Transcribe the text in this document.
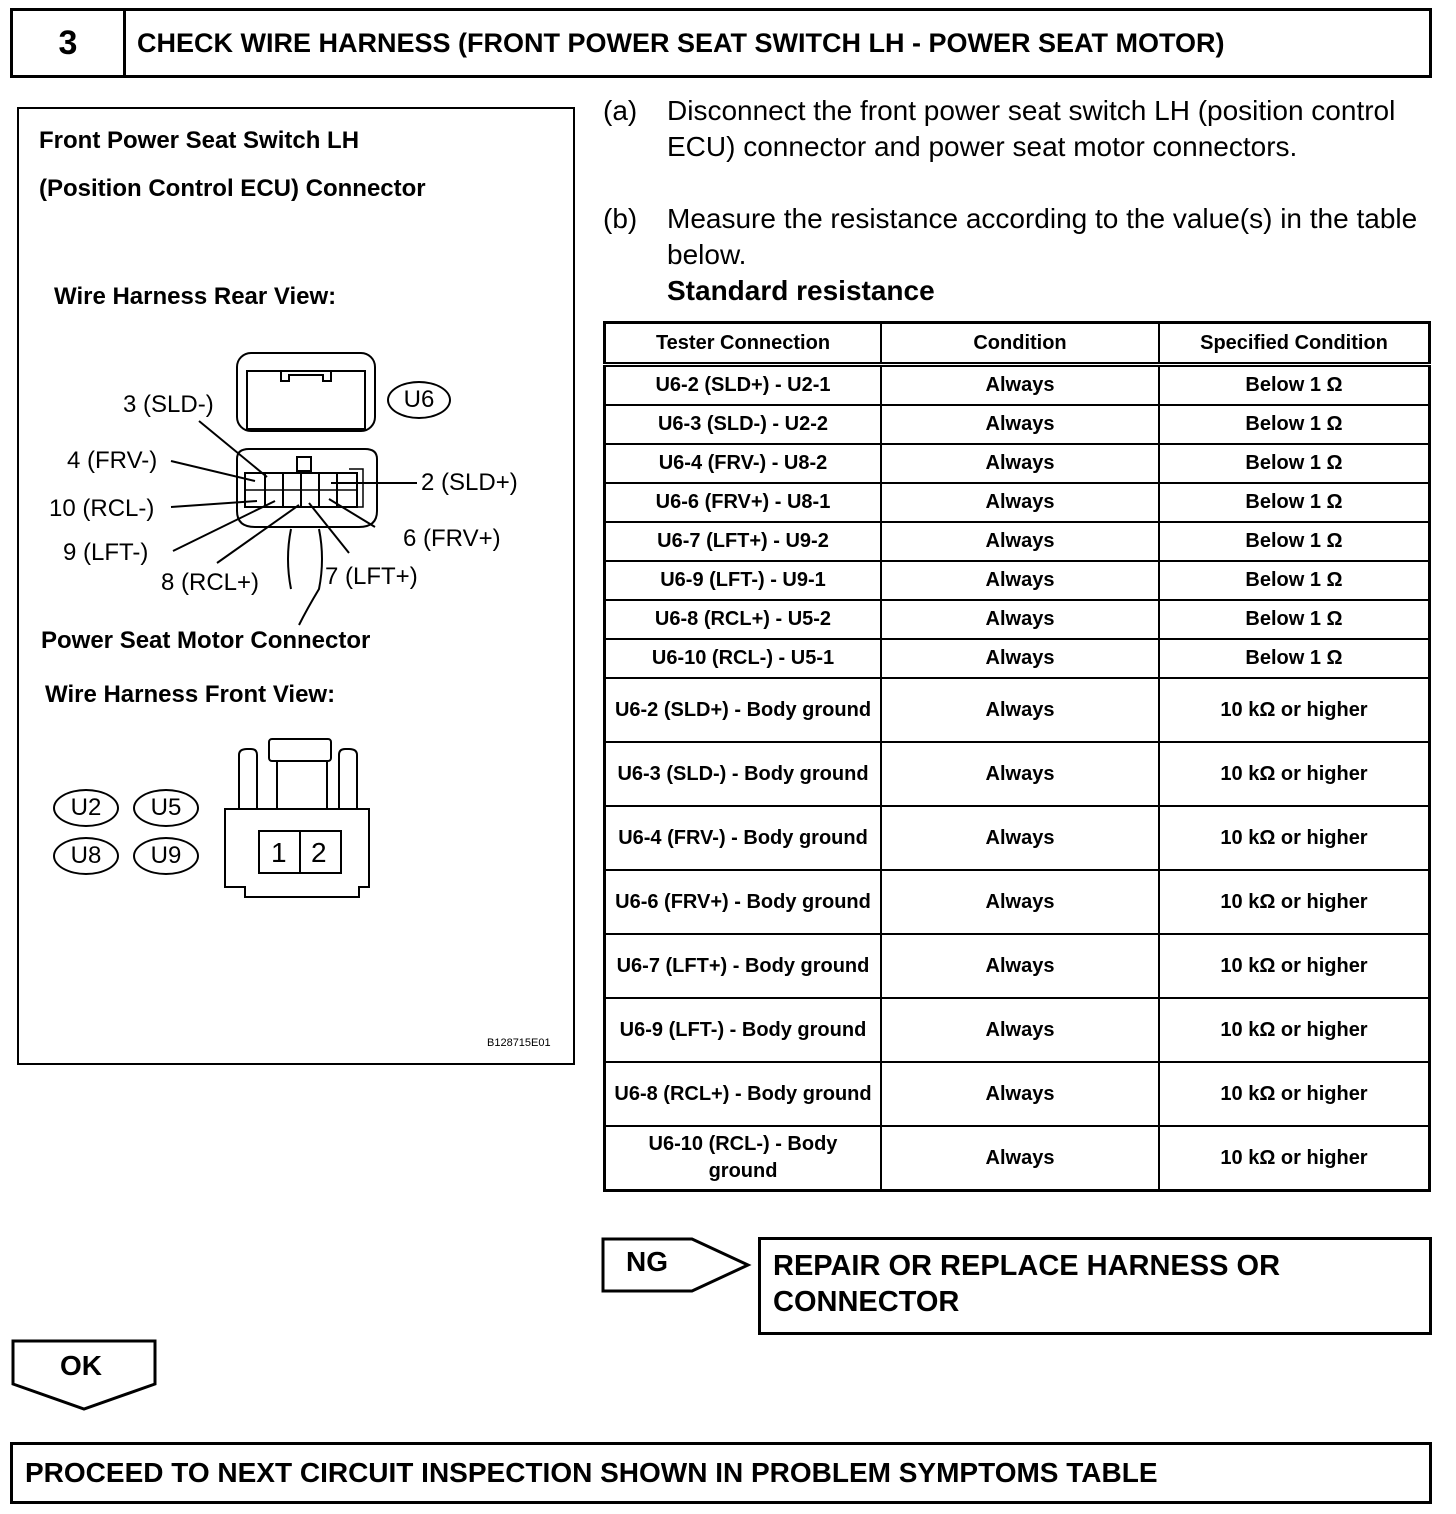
3	CHECK WIRE HARNESS (FRONT POWER SEAT SWITCH LH - POWER SEAT MOTOR)
Front Power Seat Switch LH
(Position Control ECU) Connector
Wire Harness Rear View:
U6
3 (SLD-)
4 (FRV-)
10 (RCL-)
9 (LFT-)
8 (RCL+)	7 (LFT+)
6 (FRV+)
2 (SLD+)
Power Seat Motor Connector
Wire Harness Front View:
U2	U5
U8	U9	1 2
B128715E01
(a) Disconnect the front power seat switch LH (position control ECU) connector and power seat motor connectors.
(b) Measure the resistance according to the value(s) in the table below.
Standard resistance
Tester Connection	Condition	Specified Condition
U6-2 (SLD+) - U2-1	Always	Below 1 Ω
U6-3 (SLD-) - U2-2	Always	Below 1 Ω
U6-4 (FRV-) - U8-2	Always	Below 1 Ω
U6-6 (FRV+) - U8-1	Always	Below 1 Ω
U6-7 (LFT+) - U9-2	Always	Below 1 Ω
U6-9 (LFT-) - U9-1	Always	Below 1 Ω
U6-8 (RCL+) - U5-2	Always	Below 1 Ω
U6-10 (RCL-) - U5-1	Always	Below 1 Ω
U6-2 (SLD+) - Body ground	Always	10 kΩ or higher
U6-3 (SLD-) - Body ground	Always	10 kΩ or higher
U6-4 (FRV-) - Body ground	Always	10 kΩ or higher
U6-6 (FRV+) - Body ground	Always	10 kΩ or higher
U6-7 (LFT+) - Body ground	Always	10 kΩ or higher
U6-9 (LFT-) - Body ground	Always	10 kΩ or higher
U6-8 (RCL+) - Body ground	Always	10 kΩ or higher
U6-10 (RCL-) - Body ground	Always	10 kΩ or higher
NG	REPAIR OR REPLACE HARNESS OR
CONNECTOR
OK
PROCEED TO NEXT CIRCUIT INSPECTION SHOWN IN PROBLEM SYMPTOMS TABLE
